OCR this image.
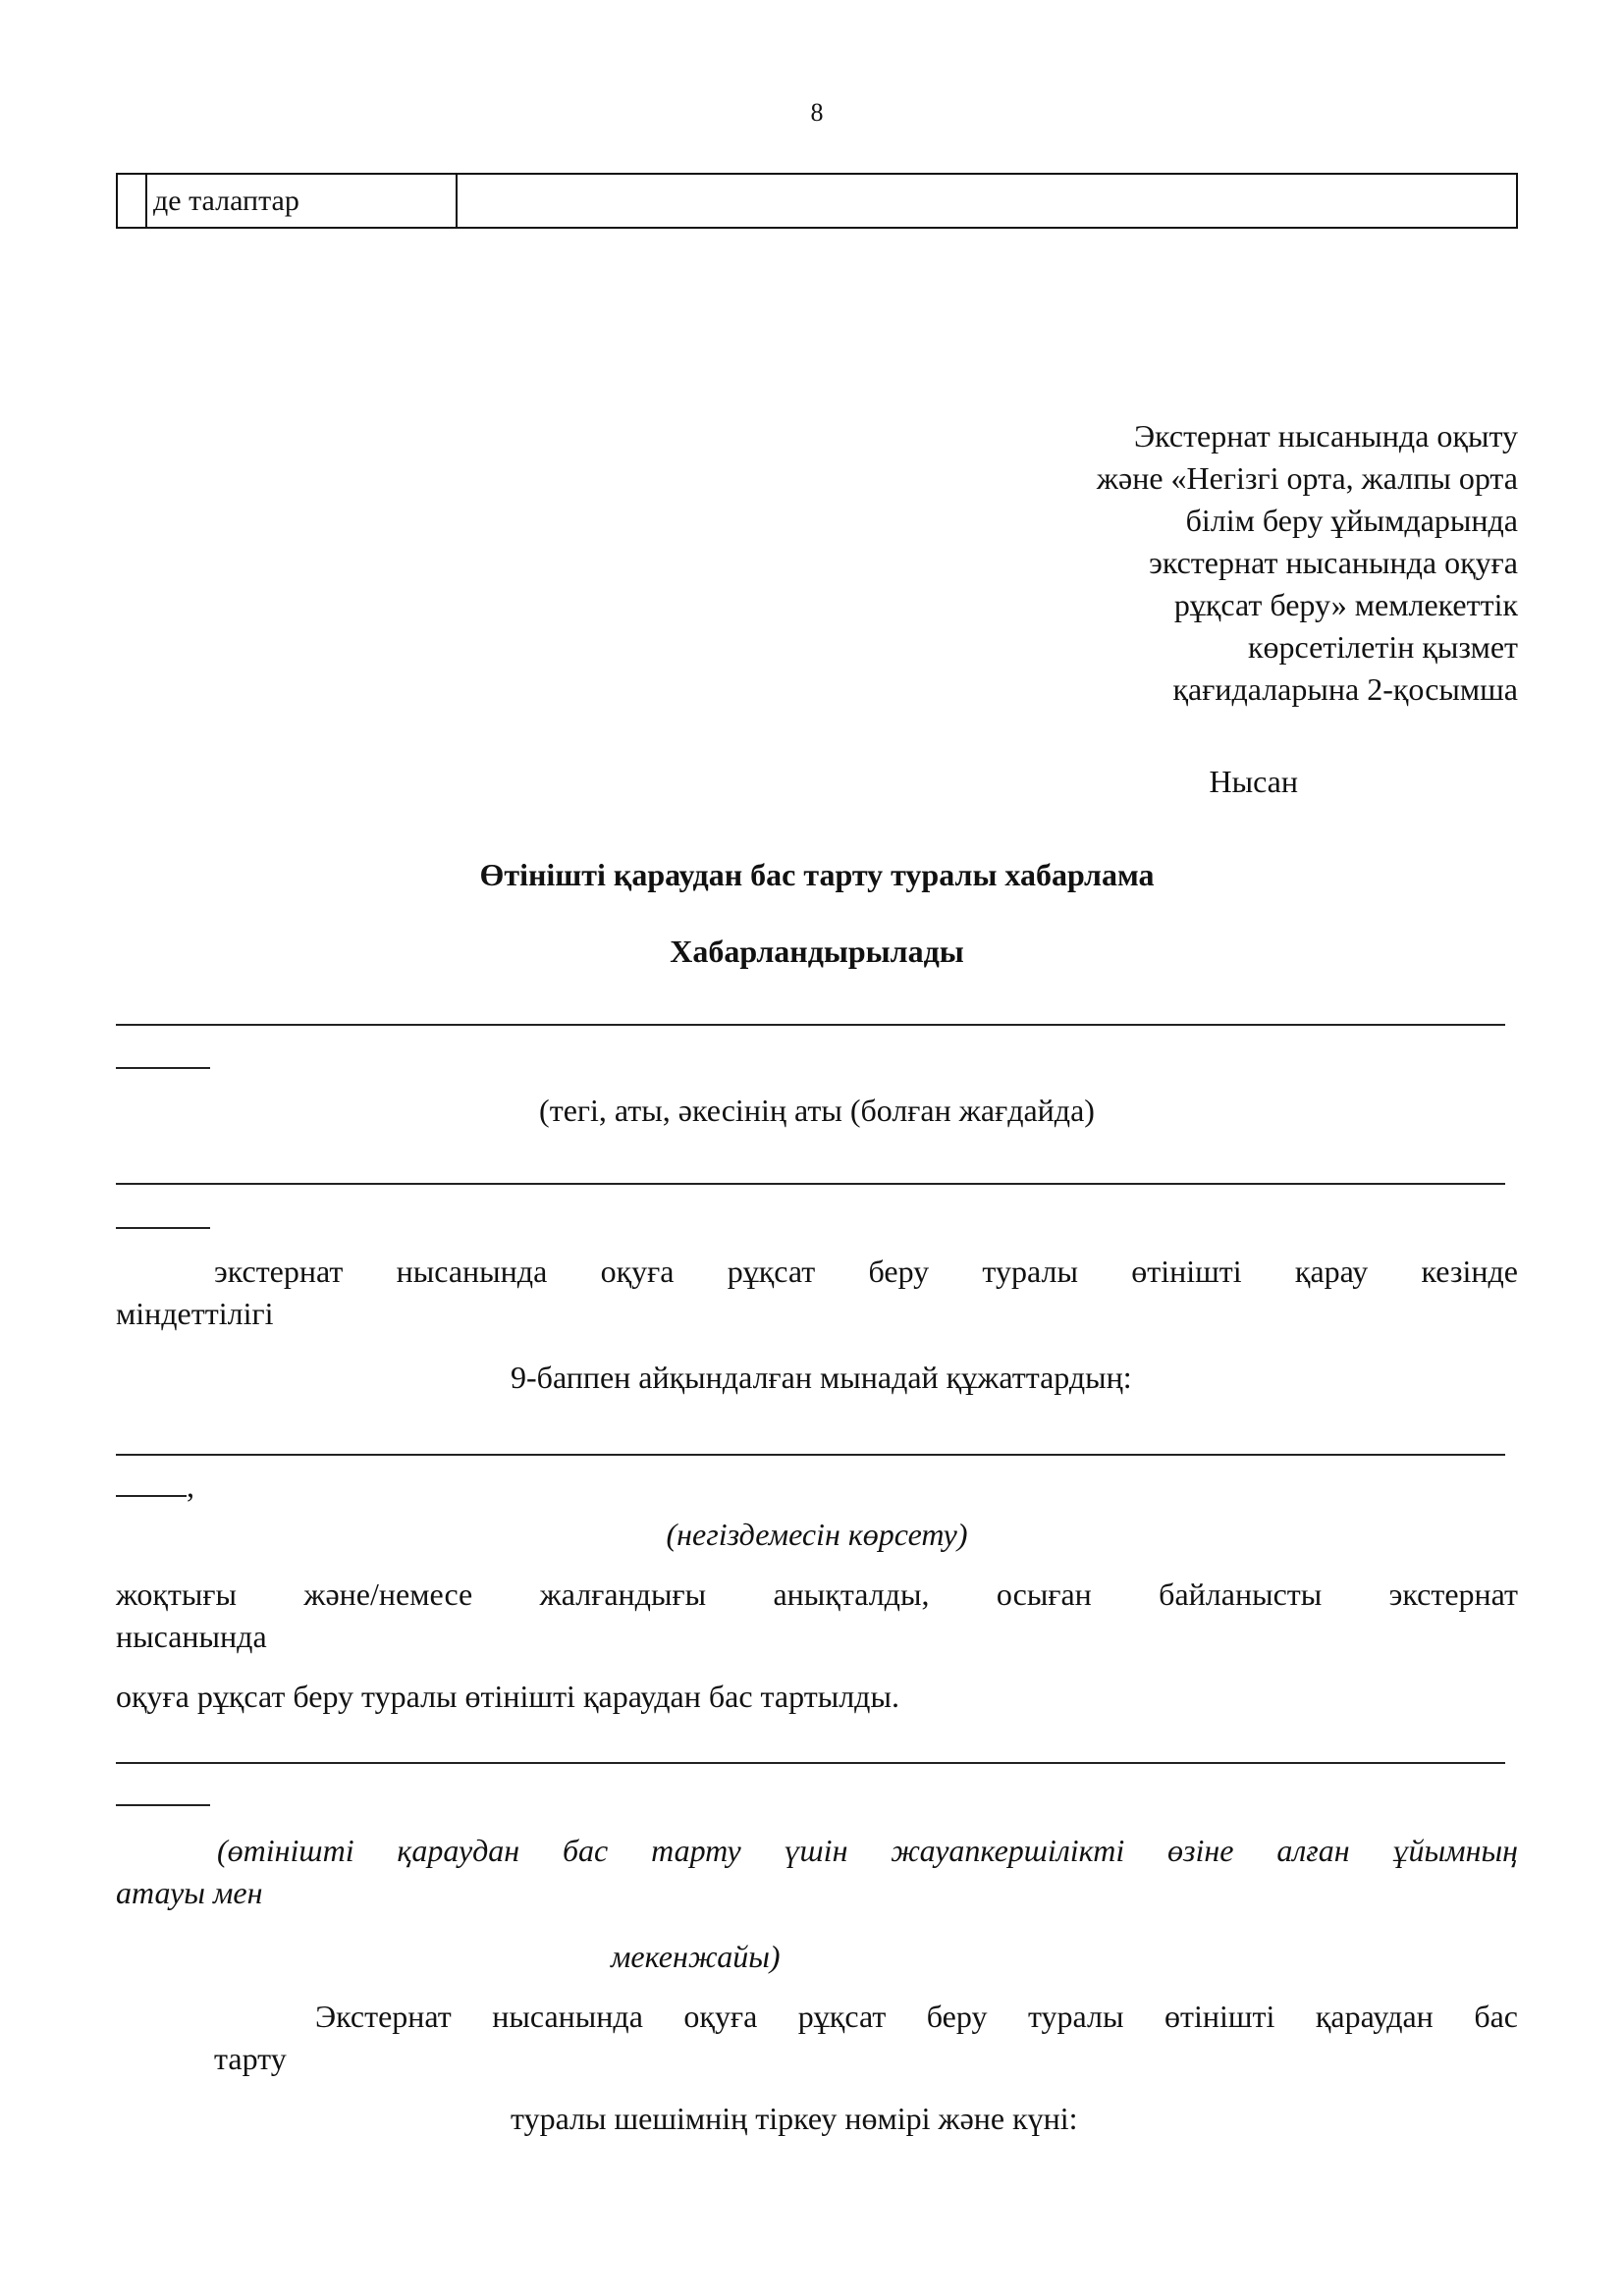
8
	де талаптар	
Экстернат нысанында оқыту
және «Негізгі орта, жалпы орта
білім беру ұйымдарында
экстернат нысанында оқуға
рұқсат беру» мемлекеттік
көрсетілетін қызмет
қағидаларына 2-қосымша
Нысан
Өтінішті қараудан бас тарту туралы хабарлама
Хабарландырылады
(тегі, аты, әкесінің аты (болған жағдайда)
экстернат нысанында оқуға рұқсат беру туралы өтінішті қарау кезінде
міндеттілігі
9-баппен айқындалған мынадай құжаттардың:
,
(негіздемесін көрсету)
жоқтығы және/немесе жалғандығы анықталды, осыған байланысты экстернат
нысанында
оқуға рұқсат беру туралы өтінішті қараудан бас тартылды.
(өтінішті қараудан бас тарту үшін жауапкершілікті өзіне алған ұйымның
атауы мен
мекенжайы)
Экстернат нысанында оқуға рұқсат беру туралы өтінішті қараудан бас
тарту
туралы шешімнің тіркеу нөмірі және күні:
